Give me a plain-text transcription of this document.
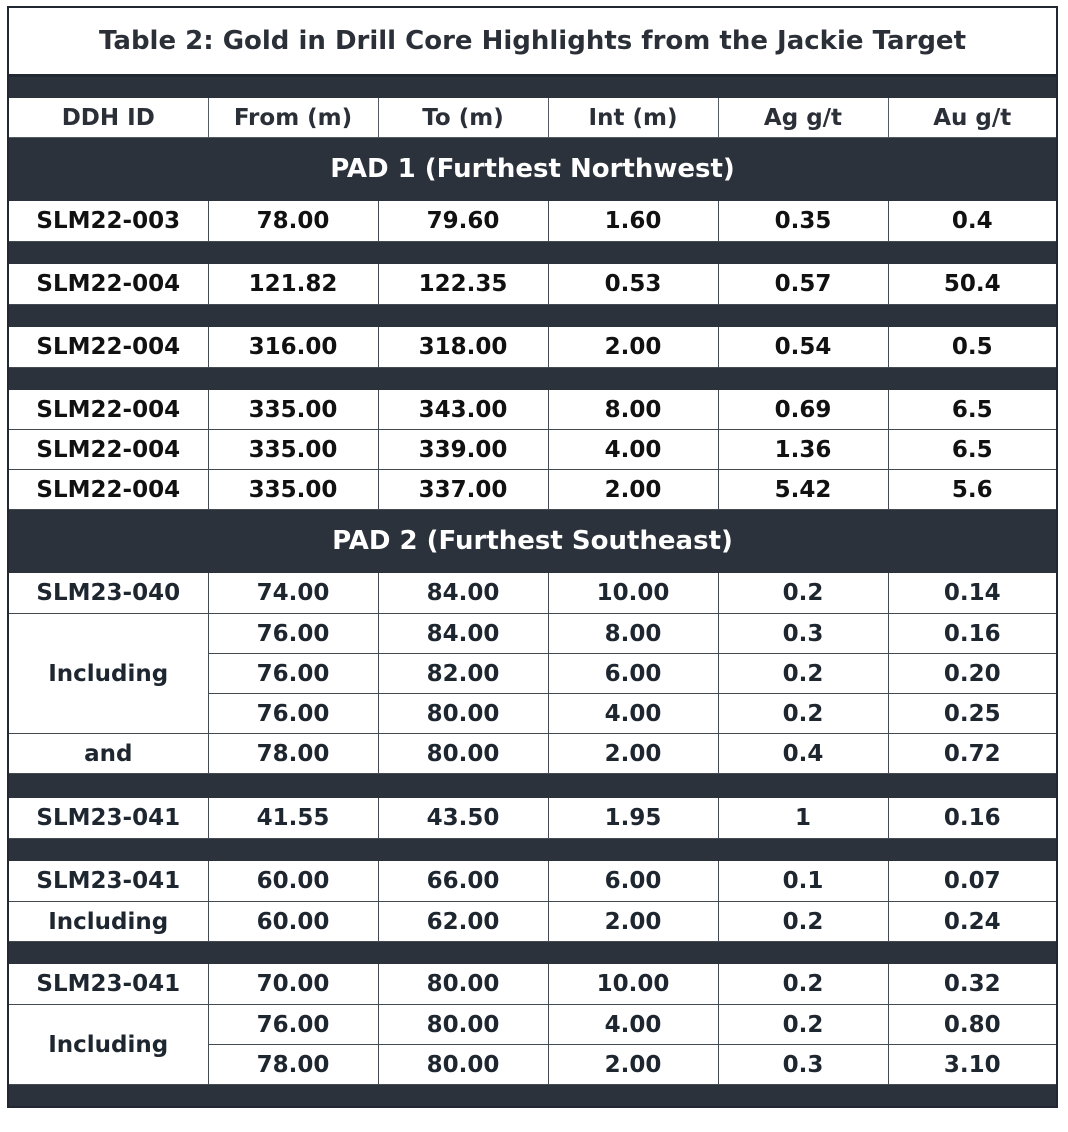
Table 2: Gold in Drill Core Highlights from the Jackie Target					

DDH ID	From (m)	To (m)	Int (m)	Ag g/t	Au g/t
PAD 1 (Furthest Northwest)					
SLM22-003	78.00	79.60	1.60	0.35	0.4

SLM22-004	121.82	122.35	0.53	0.57	50.4

SLM22-004	316.00	318.00	2.00	0.54	0.5

SLM22-004	335.00	343.00	8.00	0.69	6.5
SLM22-004	335.00	339.00	4.00	1.36	6.5
SLM22-004	335.00	337.00	2.00	5.42	5.6
PAD 2 (Furthest Southeast)					
SLM23-040	74.00	84.00	10.00	0.2	0.14
Including	76.00	84.00	8.00	0.3	0.16
	76.00	82.00	6.00	0.2	0.20
	76.00	80.00	4.00	0.2	0.25
and	78.00	80.00	2.00	0.4	0.72

SLM23-041	41.55	43.50	1.95	1	0.16

SLM23-041	60.00	66.00	6.00	0.1	0.07
Including	60.00	62.00	2.00	0.2	0.24

SLM23-041	70.00	80.00	10.00	0.2	0.32
Including	76.00	80.00	4.00	0.2	0.80
	78.00	80.00	2.00	0.3	3.10
